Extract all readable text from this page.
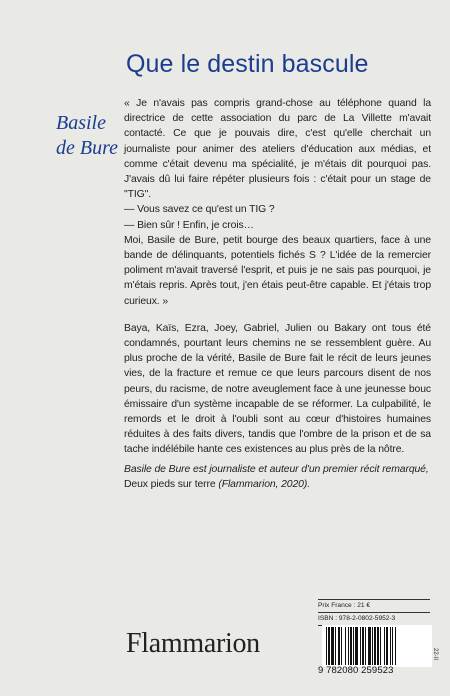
Que le destin bascule
Basile
de Bure

« Je n'avais pas compris grand-chose au téléphone quand la directrice de cette association du parc de La Villette m'avait contacté. Ce que je pouvais dire, c'est qu'elle cherchait un journaliste pour animer des ateliers d'éducation aux médias, et comme c'était devenu ma spécialité, je m'étais dit pourquoi pas. J'avais dû lui faire répéter plusieurs fois : c'était pour un stage de "TIG".

— Vous savez ce qu'est un TIG ?

— Bien sûr ! Enfin, je crois…

Moi, Basile de Bure, petit bourge des beaux quartiers, face à une bande de délinquants, potentiels fichés S ? L'idée de la remercier poliment m'avait traversé l'esprit, et puis je ne sais pas pourquoi, je m'étais repris. Après tout, j'en étais peut-être capable. Et j'étais trop curieux. »

Baya, Kaïs, Ezra, Joey, Gabriel, Julien ou Bakary ont tous été condamnés, pourtant leurs chemins ne se ressemblent guère. Au plus proche de la vérité, Basile de Bure fait le récit de leurs jeunes vies, de la fracture et remue ce que leurs parcours disent de nos peurs, du racisme, de notre aveuglement face à une jeunesse bouc émissaire d'un système incapable de se réformer. La culpabilité, le remords et le droit à l'oubli sont au cœur d'histoires humaines réduites à des faits divers, tandis que l'ombre de la prison et de sa tache indélébile hante ces existences au plus près de la nôtre.

Basile de Bure est journaliste et auteur d'un premier récit remarqué, Deux pieds sur terre (Flammarion, 2020).
Prix France : 21 €
ISBN : 978-2-0802-5952-3
Flammarion
9 782080 259523
22-II
